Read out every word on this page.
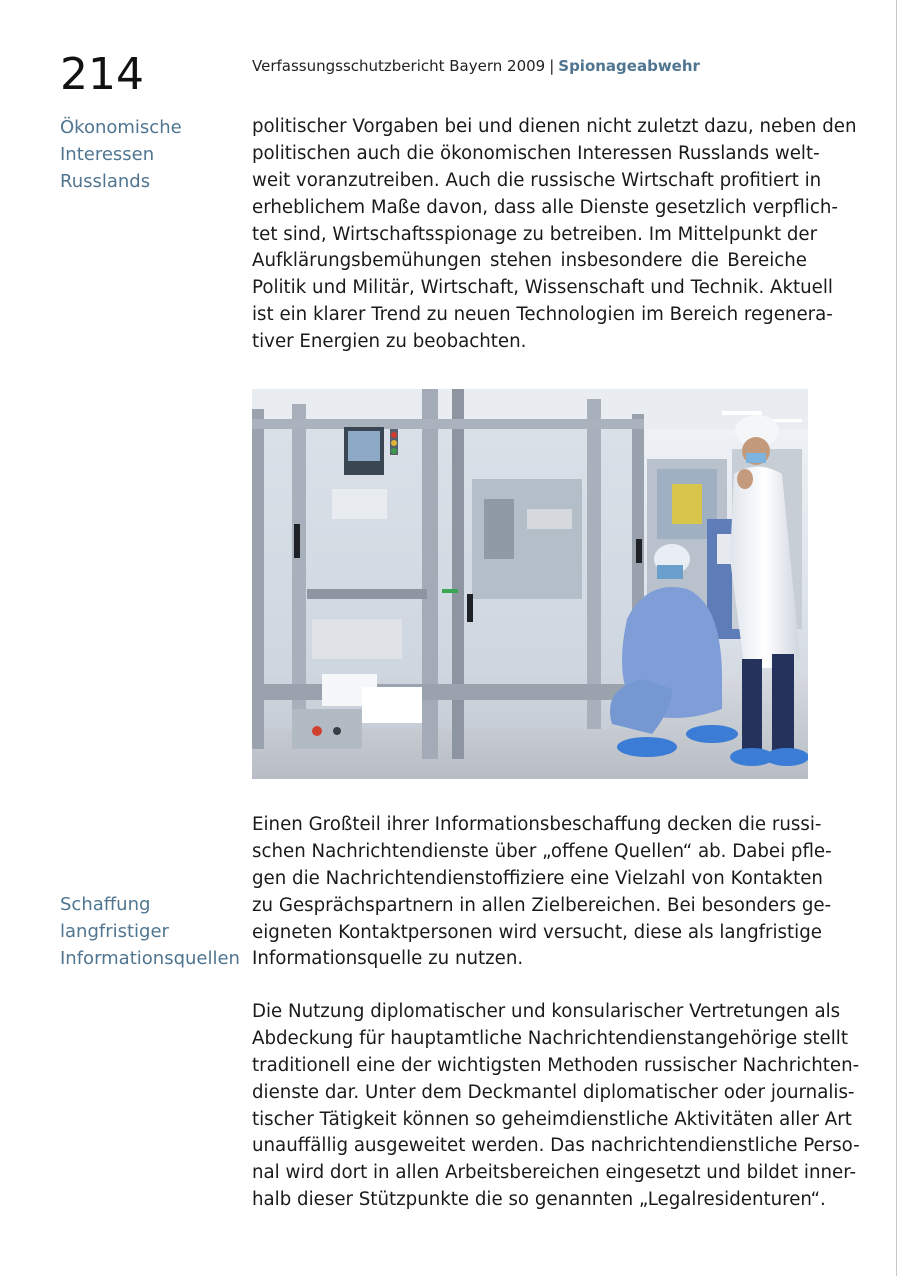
214	Verfassungsschutzbericht Bayern 2009 | Spionageabwehr
Ökonomische
Interessen
Russlands
Schaffung
langfristiger
Informationsquellen
politischer Vorgaben bei und dienen nicht zuletzt dazu, neben den
politischen auch die ökonomischen Interessen Russlands welt-
weit voranzutreiben. Auch die russische Wirtschaft profitiert in
erheblichem Maße davon, dass alle Dienste gesetzlich verpflich-
tet sind, Wirtschaftsspionage zu betreiben. Im Mittelpunkt der
Aufklärungsbemühungen stehen insbesondere die Bereiche
Politik und Militär, Wirtschaft, Wissenschaft und Technik. Aktuell
ist ein klarer Trend zu neuen Technologien im Bereich regenera-
tiver Energien zu beobachten.
Einen Großteil ihrer Informationsbeschaffung decken die russi-
schen Nachrichtendienste über „offene Quellen“ ab. Dabei pfle-
gen die Nachrichtendienstoffiziere eine Vielzahl von Kontakten
zu Gesprächspartnern in allen Zielbereichen. Bei besonders ge-
eigneten Kontaktpersonen wird versucht, diese als langfristige
Informationsquelle zu nutzen.
Die Nutzung diplomatischer und konsularischer Vertretungen als
Abdeckung für hauptamtliche Nachrichtendienstangehörige stellt
traditionell eine der wichtigsten Methoden russischer Nachrichten-
dienste dar. Unter dem Deckmantel diplomatischer oder journalis-
tischer Tätigkeit können so geheimdienstliche Aktivitäten aller Art
unauffällig ausgeweitet werden. Das nachrichtendienstliche Perso-
nal wird dort in allen Arbeitsbereichen eingesetzt und bildet inner-
halb dieser Stützpunkte die so genannten „Legalresidenturen“.
